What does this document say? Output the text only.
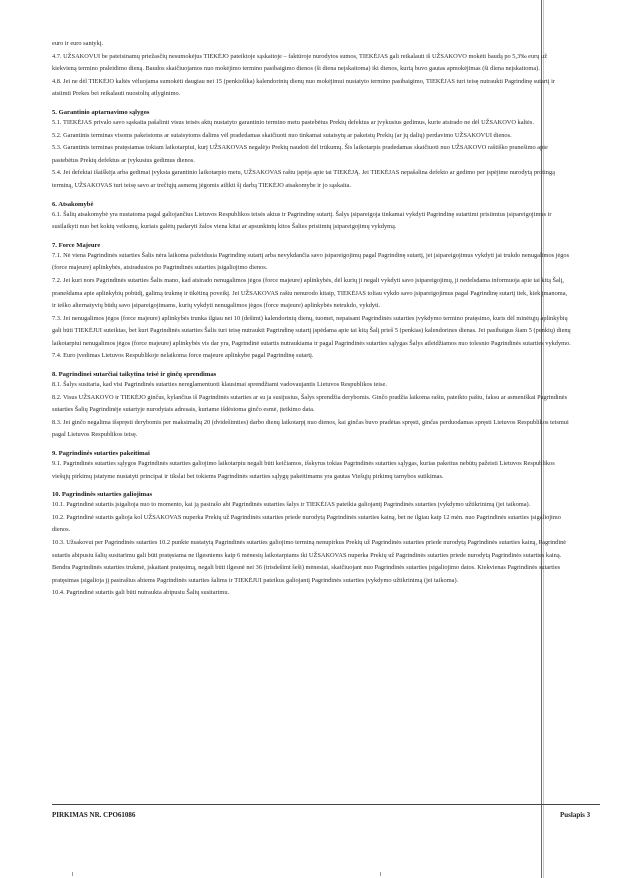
euro ir euro santykį.

4.7. UŽSAKOVUI be pateisinamų priežasčių nesumokėjus TIEKĖJO pateiktoje sąskaitoje – faktūroje nurodytos sumos, TIEKĖJAS gali reikalauti iš UŽSAKOVO mokėti baudą po 5,3‰ eurų už kiekvieną termino praleidimo dieną. Baudos skaičiuojamos nuo mokėjimo termino pasibaigimo dienos (ši diena neįskaitoma) iki dienos, kurią buvo gautas apmokėjimas (ši diena neįskaitoma).

4.8. Jei ne dėl TIEKĖJO kaltės vėluojama sumokėti daugiau nei 15 (penkiolika) kalendorinių dienų nuo mokėjimui nustatyto termino pasibaigimo, TIEKĖJAS turi teisę nutraukti Pagrindinę sutartį ir atsiimti Prekes bei reikalauti nuostolių atlyginimo.

5. Garantinio aptarnavimo sąlygos

5.1. TIEKĖJAS privalo savo sąskaita pašalinti visus teisės aktų nustatyto garantinio termino metu pastebėtus Prekių defektus ar įvykusius gedimus, kurie atsirado ne dėl UŽSAKOVO kaltės.

5.2. Garantinis terminas visoms pakeistoms ar sutaisytoms dalims vėl pradedamas skaičiuoti nuo tinkamai sutaisytų ar pakeistų Prekių (ar jų dalių) perdavimo UŽSAKOVUI dienos.

5.3. Garantinis terminas pratęsiamas tokiam laikotarpiui, kurį UŽSAKOVAS negalėjo Prekių naudoti dėl trūkumų. Šis laikotarpis pradedamas skaičiuoti nuo UŽSAKOVO raštiško pranešimo apie pastebėtus Prekių defektus ar įvykusius gedimus dienos.

5.4. Jei defektai išaiškėja arba gedimai įvyksta garantinio laikotarpio metu, UŽSAKOVAS raštu įspėja apie tai TIEKĖJĄ. Jei TIEKĖJAS nepašalina defekto ar gedimo per įspėjime nurodytą protingą terminą, UŽSAKOVAS turi teisę savo ar trečiųjų asmenų jėgomis atlikti šį darbą TIEKĖJO atsakomybe ir jo sąskaita.

6. Atsakomybė

6.1. Šalių atsakomybė yra nustatoma pagal galiojančius Lietuvos Respublikos teisės aktus ir Pagrindinę sutartį. Šalys įsipareigoja tinkamai vykdyti Pagrindinę sutartimi prisiimtus įsipareigojimus ir susilaikyti nuo bet kokių veiksmų, kuriais galėtų padaryti žalos viena kitai ar apsunkintų kitos Šalies prisiimtų įsipareigojimų vykdymą.

7. Force Majeure

7.1. Nė viena Pagrindinės sutarties Šalis nėra laikoma pažeidusia Pagrindinę sutartį arba nevykdančia savo įsipareigojimų pagal Pagrindinę sutartį, jei įsipareigojimus vykdyti jai trukdo nenugalimos jėgos (force majeure) aplinkybės, atsiradusios po Pagrindinės sutarties įsigaliojimo dienos.

7.2. Jei kuri nors Pagrindinės sutarties Šalis mano, kad atsirado nenugalimos jėgos (force majeure) aplinkybės, dėl kurių ji negali vykdyti savo įsipareigojimų, ji nedelsdama informuoja apie tai kitą Šalį, pranešdama apie aplinkybių pobūdį, galimą trukmę ir tikėtiną poveikį. Jei UŽSAKOVAS raštu nenurodo kitaip, TIEKĖJAS toliau vykdo savo įsipareigojimus pagal Pagrindinę sutartį tiek, kiek įmanoma, ir ieško alternatyvių būdų savo įsipareigojimams, kurių vykdyti nenugalimos jėgos (force majeure) aplinkybės netrukdo, vykdyti.

7.3. Jei nenugalimos jėgos (force majeure) aplinkybės trunka ilgiau nei 10 (dešimt) kalendorinių dienų, tuomet, nepaisant Pagrindinės sutarties įvykdymo termino pratęsimo, kuris dėl minėtųjų aplinkybių gali būti TIEKĖJUI suteiktas, bet kuri Pagrindinės sutarties Šalis turi teisę nutraukti Pagrindinę sutartį įspėdama apie tai kitą Šalį prieš 5 (penkias) kalendorines dienas. Jei pasibaigus šiam 5 (penkių) dienų laikotarpiui nenugalimos jėgos (force majeure) aplinkybės vis dar yra, Pagrindinė sutartis nutraukiama ir pagal Pagrindinės sutarties sąlygas Šalys atleidžiamos nuo tolesnio Pagrindinės sutarties vykdymo.

7.4. Euro įvedimas Lietuvos Respublikoje nelaikoma force majeure aplinkybe pagal Pagrindinę sutartį.

8. Pagrindinei sutarčiai taikytina teisė ir ginčų sprendimas

8.1. Šalys susitaria, kad visi Pagrindinės sutarties nereglamentuoti klausimai sprendžiami vadovaujantis Lietuvos Respublikos teise.

8.2. Visus UŽSAKOVO ir TIEKĖJO ginčus, kylančius iš Pagrindinės sutarties ar su ja susijusius, Šalys sprendžia derybomis. Ginčo pradžia laikoma raštu, pateikto paštu, faksu ar asmeniškai Pagrindinės sutarties Šalių Pagrindinėje sutartyje nurodytais adresais, kuriame išdėstoma ginčo esmė, įteikimo data.

8.3. Jei ginčo negalima išspręsti derybomis per maksimalių 20 (dvidešimties) darbo dienų laikotarpį nuo dienos, kai ginčas buvo pradėtas spręsti, ginčas perduodamas spręsti Lietuvos Respublikos teismui pagal Lietuvos Respublikos teisę.

9. Pagrindinės sutarties pakeitimai

9.1. Pagrindinės sutarties sąlygos Pagrindinės sutarties galiojimo laikotarpiu negali būti keičiamos, išskyrus tokias Pagrindinės sutarties sąlygas, kurias pakeitus nebūtų pažeisti Lietuvos Respublikos viešųjų pirkimų įstatyme nustatyti principai ir tikslai bei tokiems Pagrindinės sutarties sąlygų pakeitimams yra gautas Viešųjų pirkimų tarnybos sutikimas.

10. Pagrindinės sutarties galiojimas

10.1. Pagrindinė sutartis įsigalioja nuo to momento, kai ją pasirašo abi Pagrindinės sutarties šalys ir TIEKĖJAS pateikia galiojantį Pagrindinės sutarties įvykdymo užtikrinimą (jei taikoma).

10.2. Pagrindinė sutartis galioja kol UŽSAKOVAS nuperka Prekių už Pagrindinės sutarties priede nurodytą Pagrindinės sutarties kainą, bet ne ilgiau kaip 12 mėn. nuo Pagrindinės sutarties įsigaliojimo dienos.

10.3. Užsakovui per Pagrindinės sutarties 10.2 punkte nustatytą Pagrindinės sutarties galiojimo terminą nenupirkus Prekių už Pagrindinės sutarties priede nurodytą Pagrindinės sutarties kainą, Pagrindinė sutartis abipusiu šalių susitarimu gali būti pratęsiama ne ilgesniems kaip 6 mėnesių laikotarpiams iki UŽSAKOVAS nuperka Prekių už Pagrindinės sutarties priede nurodytą Pagrindinės sutarties kainą. Bendra Pagrindinės sutarties trukmė, įskaitant pratęsimą, negali būti ilgesnė nei 36 (trisdešimt šeši) mėnesiai, skaičiuojant nuo Pagrindinės sutarties įsigaliojimo datos. Kiekvienas Pagrindinės sutarties pratęsimas įsigalioja jį pasirašius abiems Pagrindinės sutarties šalims ir TIEKĖJUI pateikus galiojantį Pagrindinės sutarties įvykdymo užtikrinimą (jei taikoma).

10.4. Pagrindinė sutartis gali būti nutraukta abipusiu Šalių susitarimu.

PIRKIMAS NR. CPO61086	Puslapis 3
